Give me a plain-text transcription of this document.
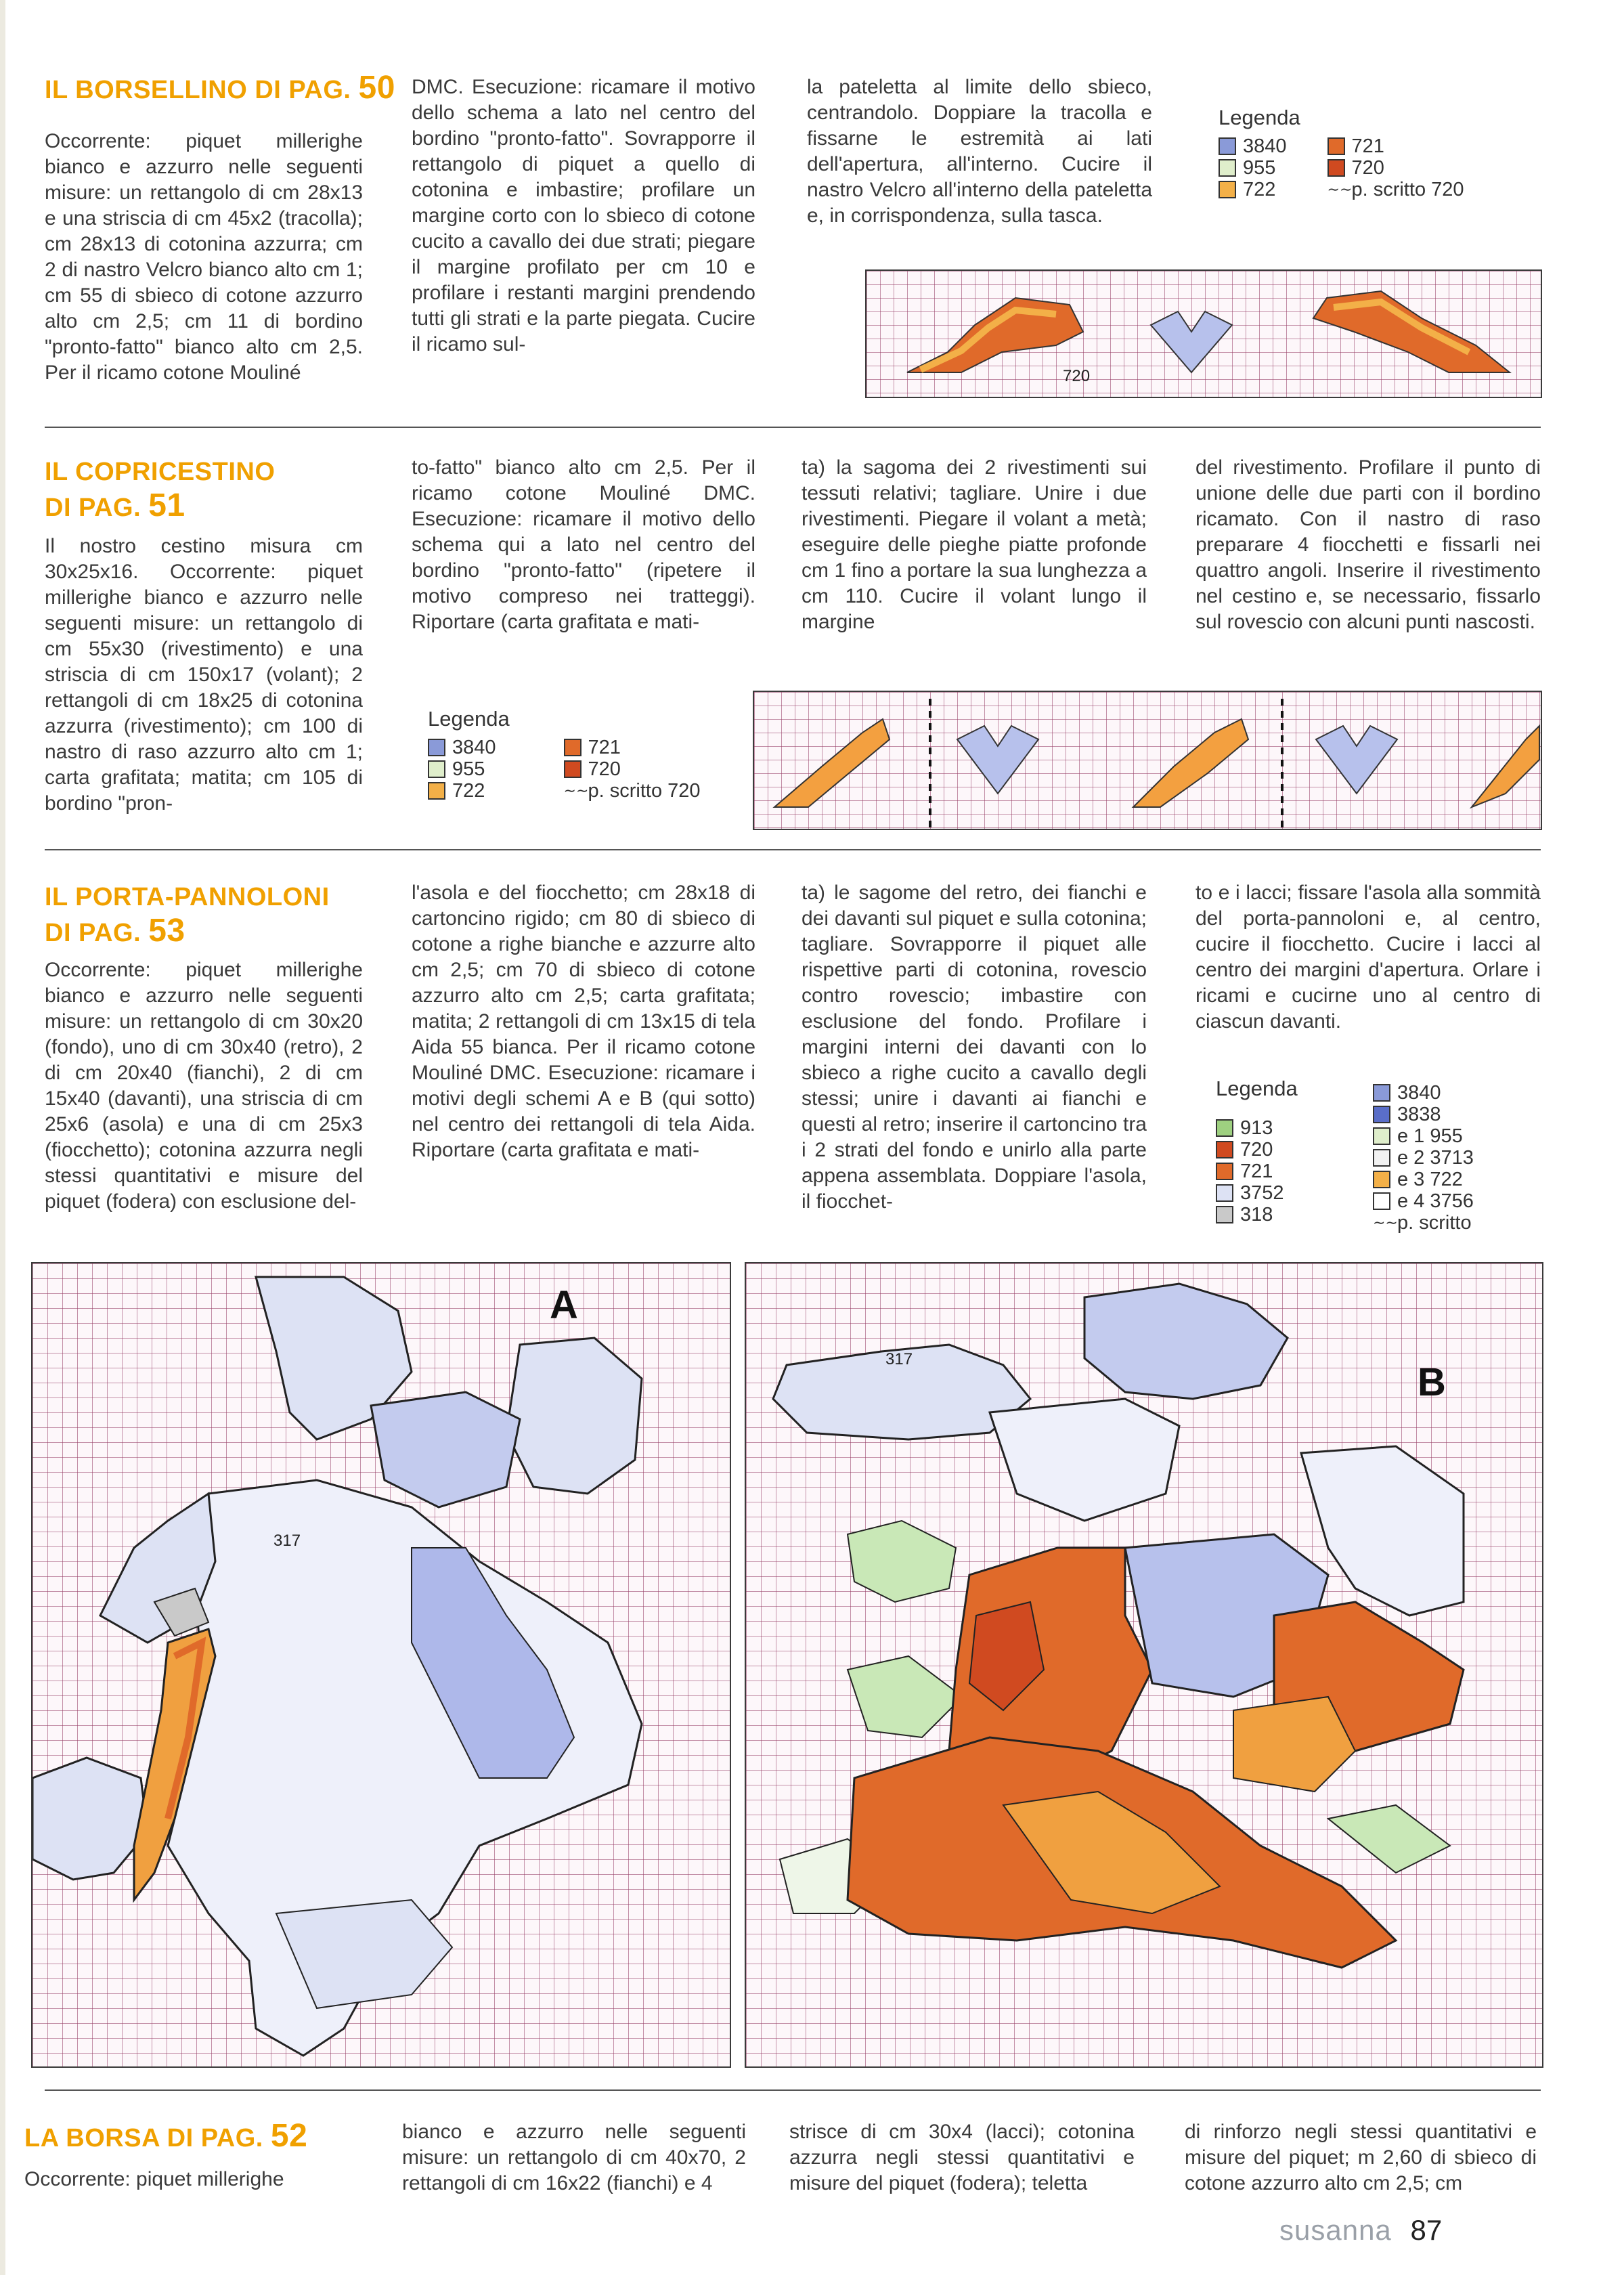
IL BORSELLINO DI PAG. 50
Occorrente: piquet millerighe bianco e azzurro nelle seguenti misure: un rettangolo di cm 28x13 e una striscia di cm 45x2 (tracolla); cm 28x13 di cotonina azzurra; cm 2 di nastro Velcro bianco alto cm 1; cm 55 di sbieco di cotone azzurro alto cm 2,5; cm 11 di bordino "pronto-fatto" bianco alto cm 2,5. Per il ricamo cotone Mouliné
DMC. Esecuzione: ricamare il motivo dello schema a lato nel centro del bordino "pronto-fatto". Sovrapporre il rettangolo di piquet a quello di cotonina e imbastire; profilare un margine corto con lo sbieco di cotone cucito a cavallo dei due strati; piegare il margine profilato per cm 10 e profilare i restanti margini prendendo tutti gli strati e la parte piegata. Cucire il ricamo sul-
la pateletta al limite dello sbieco, centrandolo. Doppiare la tracolla e fissarne le estremità ai lati dell'apertura, all'interno. Cucire il nastro Velcro all'interno della pateletta e, in corrispondenza, sulla tasca.
Legenda
3840
955
722
721
720
∼∼ p. scritto 720
720
IL COPRICESTINO
DI PAG. 51
Il nostro cestino misura cm 30x25x16. Occorrente: piquet millerighe bianco e azzurro nelle seguenti misure: un rettangolo di cm 55x30 (rivestimento) e una striscia di cm 150x17 (volant); 2 rettangoli di cm 18x25 di cotonina azzurra (rivestimento); cm 100 di nastro di raso azzurro alto cm 1; carta grafitata; matita; cm 105 di bordino "pron-
to-fatto" bianco alto cm 2,5. Per il ricamo cotone Mouliné DMC. Esecuzione: ricamare il motivo dello schema qui a lato nel centro del bordino "pronto-fatto" (ripetere il motivo compreso nei tratteggi). Riportare (carta grafitata e mati-
ta) la sagoma dei 2 rivestimenti sui tessuti relativi; tagliare. Unire i due rivestimenti. Piegare il volant a metà; eseguire delle pieghe piatte profonde cm 1 fino a portare la sua lunghezza a cm 110. Cucire il volant lungo il margine
del rivestimento. Profilare il punto di unione delle due parti con il bordino ricamato. Con il nastro di raso preparare 4 fiocchetti e fissarli nei quattro angoli. Inserire il rivestimento nel cestino e, se necessario, fissarlo sul rovescio con alcuni punti nascosti.
Legenda
3840
955
722
721
720
∼∼ p. scritto 720
IL PORTA-PANNOLONI
DI PAG. 53
Occorrente: piquet millerighe bianco e azzurro nelle seguenti misure: un rettangolo di cm 30x20 (fondo), uno di cm 30x40 (retro), 2 di cm 20x40 (fianchi), 2 di cm 15x40 (davanti), una striscia di cm 25x6 (asola) e una di cm 25x3 (fiocchetto); cotonina azzurra negli stessi quantitativi e misure del piquet (fodera) con esclusione del-
l'asola e del fiocchetto; cm 28x18 di cartoncino rigido; cm 80 di sbieco di cotone a righe bianche e azzurre alto cm 2,5; cm 70 di sbieco di cotone azzurro alto cm 2,5; carta grafitata; matita; 2 rettangoli di cm 13x15 di tela Aida 55 bianca. Per il ricamo cotone Mouliné DMC. Esecuzione: ricamare i motivi degli schemi A e B (qui sotto) nel centro dei rettangoli di tela Aida. Riportare (carta grafitata e mati-
ta) le sagome del retro, dei fianchi e dei davanti sul piquet e sulla cotonina; tagliare. Sovrapporre il piquet alle rispettive parti di cotonina, rovescio contro rovescio; imbastire con esclusione del fondo. Profilare i margini interni dei davanti con lo sbieco a righe cucito a cavallo degli stessi; unire i davanti ai fianchi e questi al retro; inserire il cartoncino tra i 2 strati del fondo e unirlo alla parte appena assemblata. Doppiare l'asola, il fiocchet-
to e i lacci; fissare l'asola alla sommità del porta-pannoloni e, al centro, cucire il fiocchetto. Cucire i lacci al centro dei margini d'apertura. Orlare i ricami e cucirne uno al centro di ciascun davanti.
Legenda
913
720
721
3752
318
3840
3838
e 1 955
e 2 3713
e 3 722
e 4 3756
∼∼ p. scritto
A
317
B
317
LA BORSA DI PAG. 52
Occorrente: piquet millerighe
bianco e azzurro nelle seguenti misure: un rettangolo di cm 40x70, 2 rettangoli di cm 16x22 (fianchi) e 4
strisce di cm 30x4 (lacci); cotonina azzurra negli stessi quantitativi e misure del piquet (fodera); teletta
di rinforzo negli stessi quantitativi e misure del piquet; m 2,60 di sbieco di cotone azzurro alto cm 2,5; cm
susanna 87
